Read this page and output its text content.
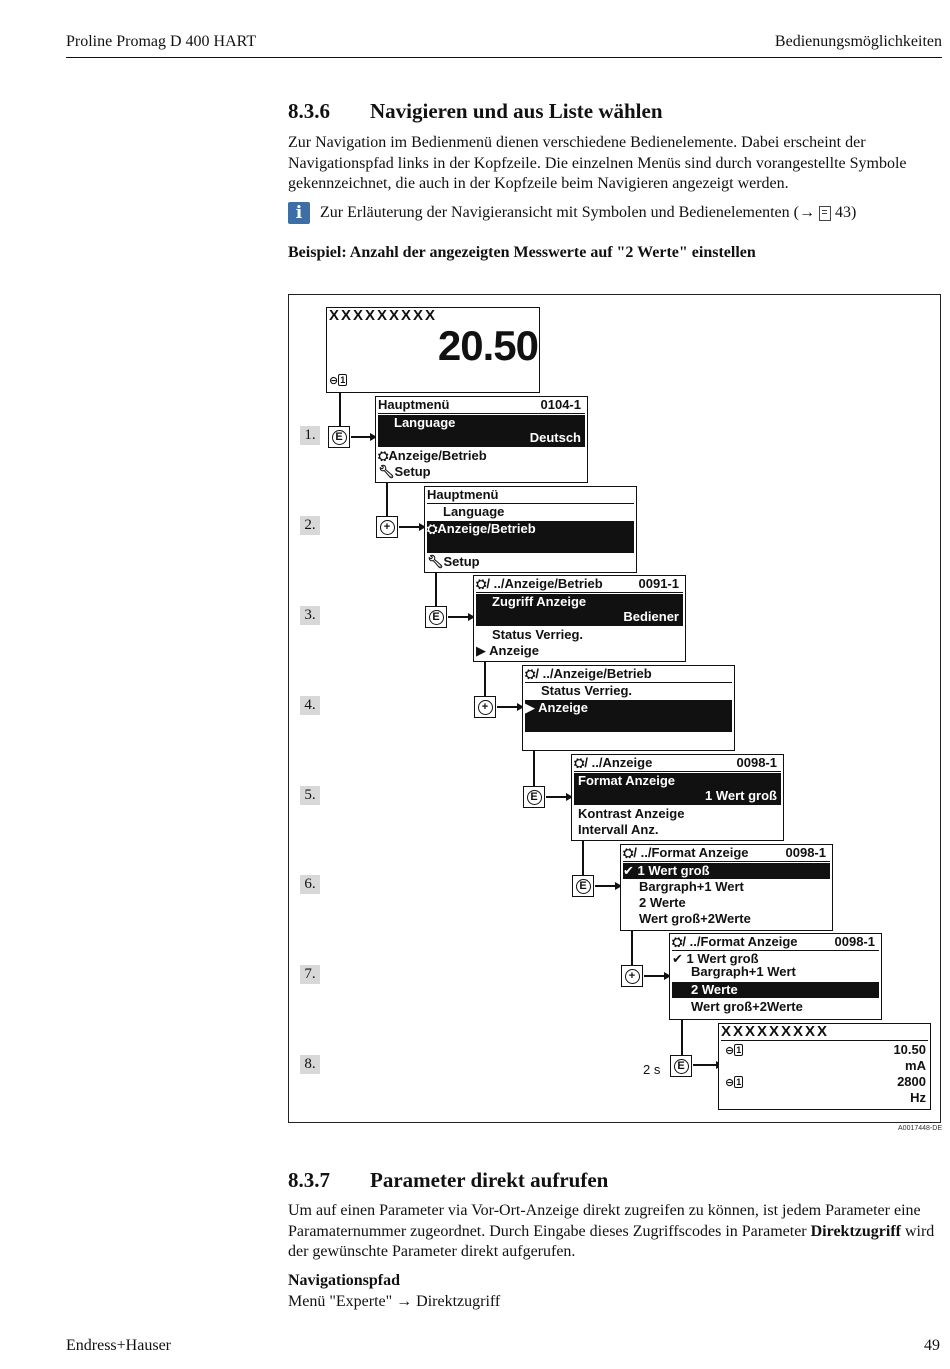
Proline Promag D 400 HART	Bedienungsmöglichkeiten
8.3.6 Navigieren und aus Liste wählen

Zur Navigation im Bedienmenü dienen verschiedene Bedienelemente. Dabei erscheint der Navigationspfad links in der Kopfzeile. Die einzelnen Menüs sind durch vorangestellte Symbole gekennzeichnet, die auch in der Kopfzeile beim Navigieren angezeigt werden.

i	Zur Erläuterung der Navigieransicht mit Symbolen und Bedienelementen (→ 43)

Beispiel: Anzahl der angezeigten Messwerte auf "2 Werte" einstellen

1.
2.
3.
4.
5.
6.
7.
8.
E
+
E
+
E
E
+
E
2 s
XXXXXXXXX
20.50
⊖ 1
Hauptmenü	0104-1
Language
Deutsch
⛭Anzeige/Betrieb
🔧︎Setup
Hauptmenü
Language
⛭Anzeige/Betrieb
🔧︎Setup
⛭/ ../Anzeige/Betrieb	0091-1
Zugriff Anzeige
Bediener
Status Verrieg.
▶ Anzeige
⛭/ ../Anzeige/Betrieb
Status Verrieg.
▶ Anzeige
⛭/ ../Anzeige	0098-1
Format Anzeige
1 Wert groß
Kontrast Anzeige
Intervall Anz.
⛭/ ../Format Anzeige	0098-1
✔ 1 Wert groß
Bargraph+1 Wert
2 Werte
Wert groß+2Werte
⛭/ ../Format Anzeige	0098-1
✔ 1 Wert groß
Bargraph+1 Wert
2 Werte
Wert groß+2Werte
XXXXXXXXX
⊖ 1	10.50
mA
⊖ 1	2800
Hz
A0017448-DE
8.3.7 Parameter direkt aufrufen

Um auf einen Parameter via Vor-Ort-Anzeige direkt zugreifen zu können, ist jedem Parameter eine Paramaternummer zugeordnet. Durch Eingabe dieses Zugriffscodes in Parameter Direktzugriff wird der gewünschte Parameter direkt aufgerufen.

Navigationspfad

Menü "Experte" → Direktzugriff

Endress+Hauser	49
